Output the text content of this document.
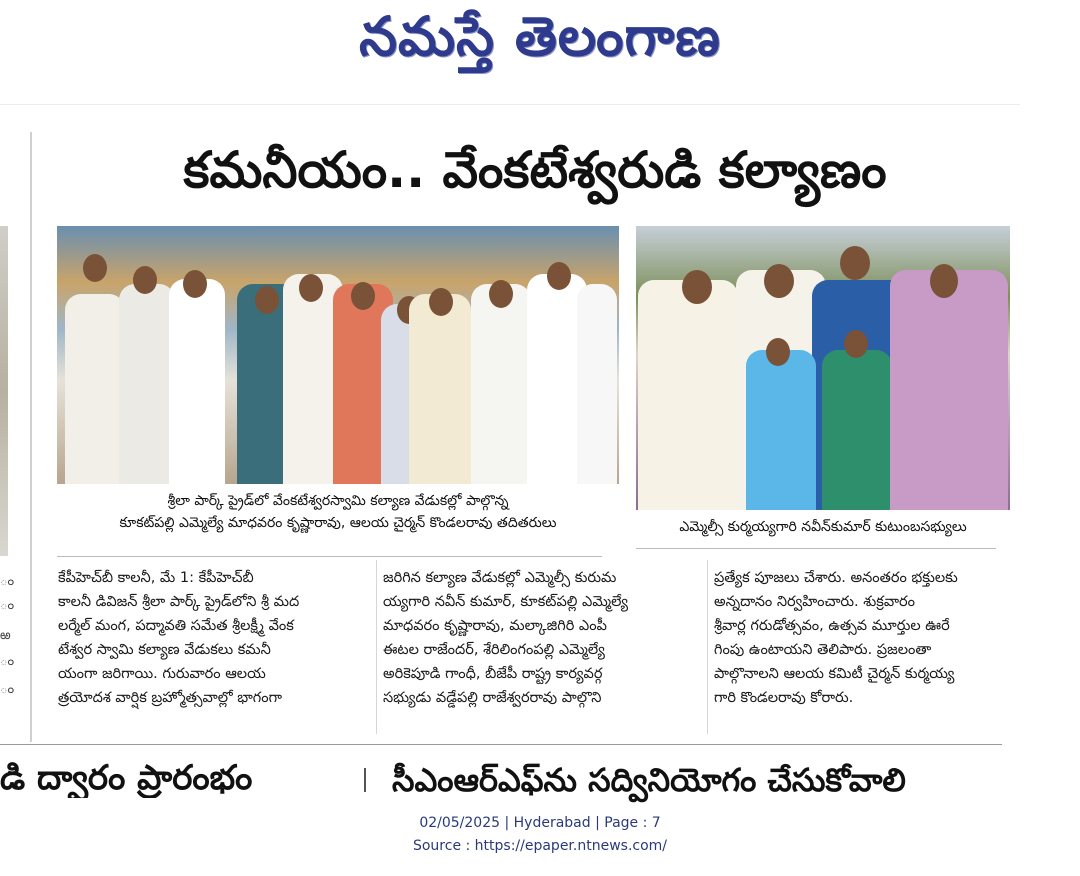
నమస్తే తెలంగాణ
ం
ం
ఱ
ం
ం
కమనీయం.. వేంకటేశ్వరుడి కల్యాణం
శ్రీలా పార్క్ ప్రైడ్‌లో వేంకటేశ్వరస్వామి కల్యాణ వేడుకల్లో పాల్గొన్న
కూకట్‌పల్లి ఎమ్మెల్యే మాధవరం కృష్ణారావు, ఆలయ చైర్మన్ కొండలరావు తదితరులు	ఎమ్మెల్సీ కుర్మయ్యగారి నవీన్‌కుమార్ కుటుంబసభ్యులు
కేపీహెచ్‌బీ కాలనీ, మే 1: కేపీహెచ్‌బీ
కాలనీ డివిజన్ శ్రీలా పార్క్ ప్రైడ్‌లోని శ్రీ మద
లర్మేల్ మంగ, పద్మావతి సమేత శ్రీలక్ష్మీ వేంక
టేశ్వర స్వామి కల్యాణ వేడుకలు కమనీ
యంగా జరిగాయి. గురువారం ఆలయ
త్రయోదశ వార్షిక బ్రహ్మోత్సవాల్లో భాగంగా
జరిగిన కల్యాణ వేడుకల్లో ఎమ్మెల్సీ కురుమ
య్యగారి నవీన్ కుమార్, కూకట్‌పల్లి ఎమ్మెల్యే
మాధవరం కృష్ణారావు, మల్కాజిగిరి ఎంపీ
ఈటల రాజేందర్, శేరిలింగంపల్లి ఎమ్మెల్యే
అరికెపూడి గాంధీ, బీజేపీ రాష్ట్ర కార్యవర్గ
సభ్యుడు వడ్డేపల్లి రాజేశ్వరరావు పాల్గొని
ప్రత్యేక పూజలు చేశారు. అనంతరం భక్తులకు
అన్నదానం నిర్వహించారు. శుక్రవారం
శ్రీవార్ల గరుడోత్సవం, ఉత్సవ మూర్తుల ఊరే
గింపు ఉంటాయని తెలిపారు. ప్రజలంతా
పాల్గొనాలని ఆలయ కమిటీ చైర్మన్ కుర్మయ్య
గారి కొండలరావు కోరారు.
డి ద్వారం ప్రారంభం	సీఎంఆర్‌ఎఫ్‌ను సద్వినియోగం చేసుకోవాలి
02/05/2025 | Hyderabad | Page : 7
Source : https://epaper.ntnews.com/
